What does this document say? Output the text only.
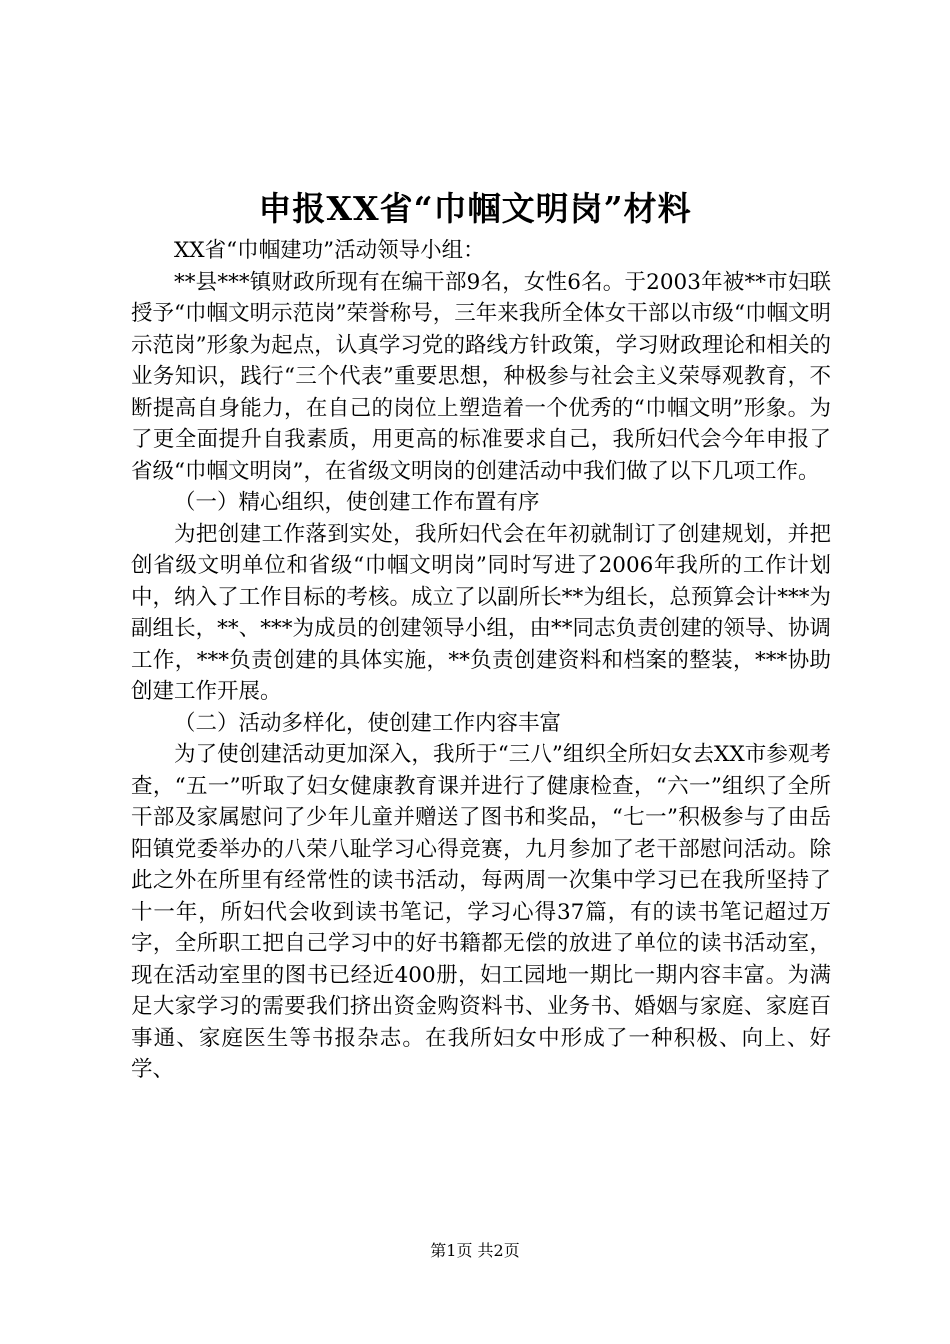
申报XX省“巾帼文明岗”材料

XX省“巾帼建功”活动领导小组：

**县***镇财政所现有在编干部9名，女性6名。于2003年被**市妇联授予“巾帼文明示范岗”荣誉称号，三年来我所全体女干部以市级“巾帼文明示范岗”形象为起点，认真学习党的路线方针政策，学习财政理论和相关的业务知识，践行“三个代表”重要思想，种极参与社会主义荣辱观教育，不断提高自身能力，在自己的岗位上塑造着一个优秀的“巾帼文明”形象。为了更全面提升自我素质，用更高的标准要求自己，我所妇代会今年申报了省级“巾帼文明岗”，在省级文明岗的创建活动中我们做了以下几项工作。

（一）精心组织，使创建工作布置有序

为把创建工作落到实处，我所妇代会在年初就制订了创建规划，并把创省级文明单位和省级“巾帼文明岗”同时写进了2006年我所的工作计划中，纳入了工作目标的考核。成立了以副所长**为组长，总预算会计***为副组长，**、***为成员的创建领导小组，由**同志负责创建的领导、协调工作，***负责创建的具体实施，**负责创建资料和档案的整装，***协助创建工作开展。

（二）活动多样化，使创建工作内容丰富

为了使创建活动更加深入，我所于“三八”组织全所妇女去XX市参观考查，“五一”听取了妇女健康教育课并进行了健康检查，“六一”组织了全所干部及家属慰问了少年儿童并赠送了图书和奖品，“七一”积极参与了由岳阳镇党委举办的八荣八耻学习心得竞赛，九月参加了老干部慰问活动。除此之外在所里有经常性的读书活动，每两周一次集中学习已在我所坚持了十一年，所妇代会收到读书笔记，学习心得37篇，有的读书笔记超过万字，全所职工把自己学习中的好书籍都无偿的放进了单位的读书活动室，现在活动室里的图书已经近400册，妇工园地一期比一期内容丰富。为满足大家学习的需要我们挤出资金购资料书、业务书、婚姻与家庭、家庭百事通、家庭医生等书报杂志。在我所妇女中形成了一种积极、向上、好学、

第1页 共2页
